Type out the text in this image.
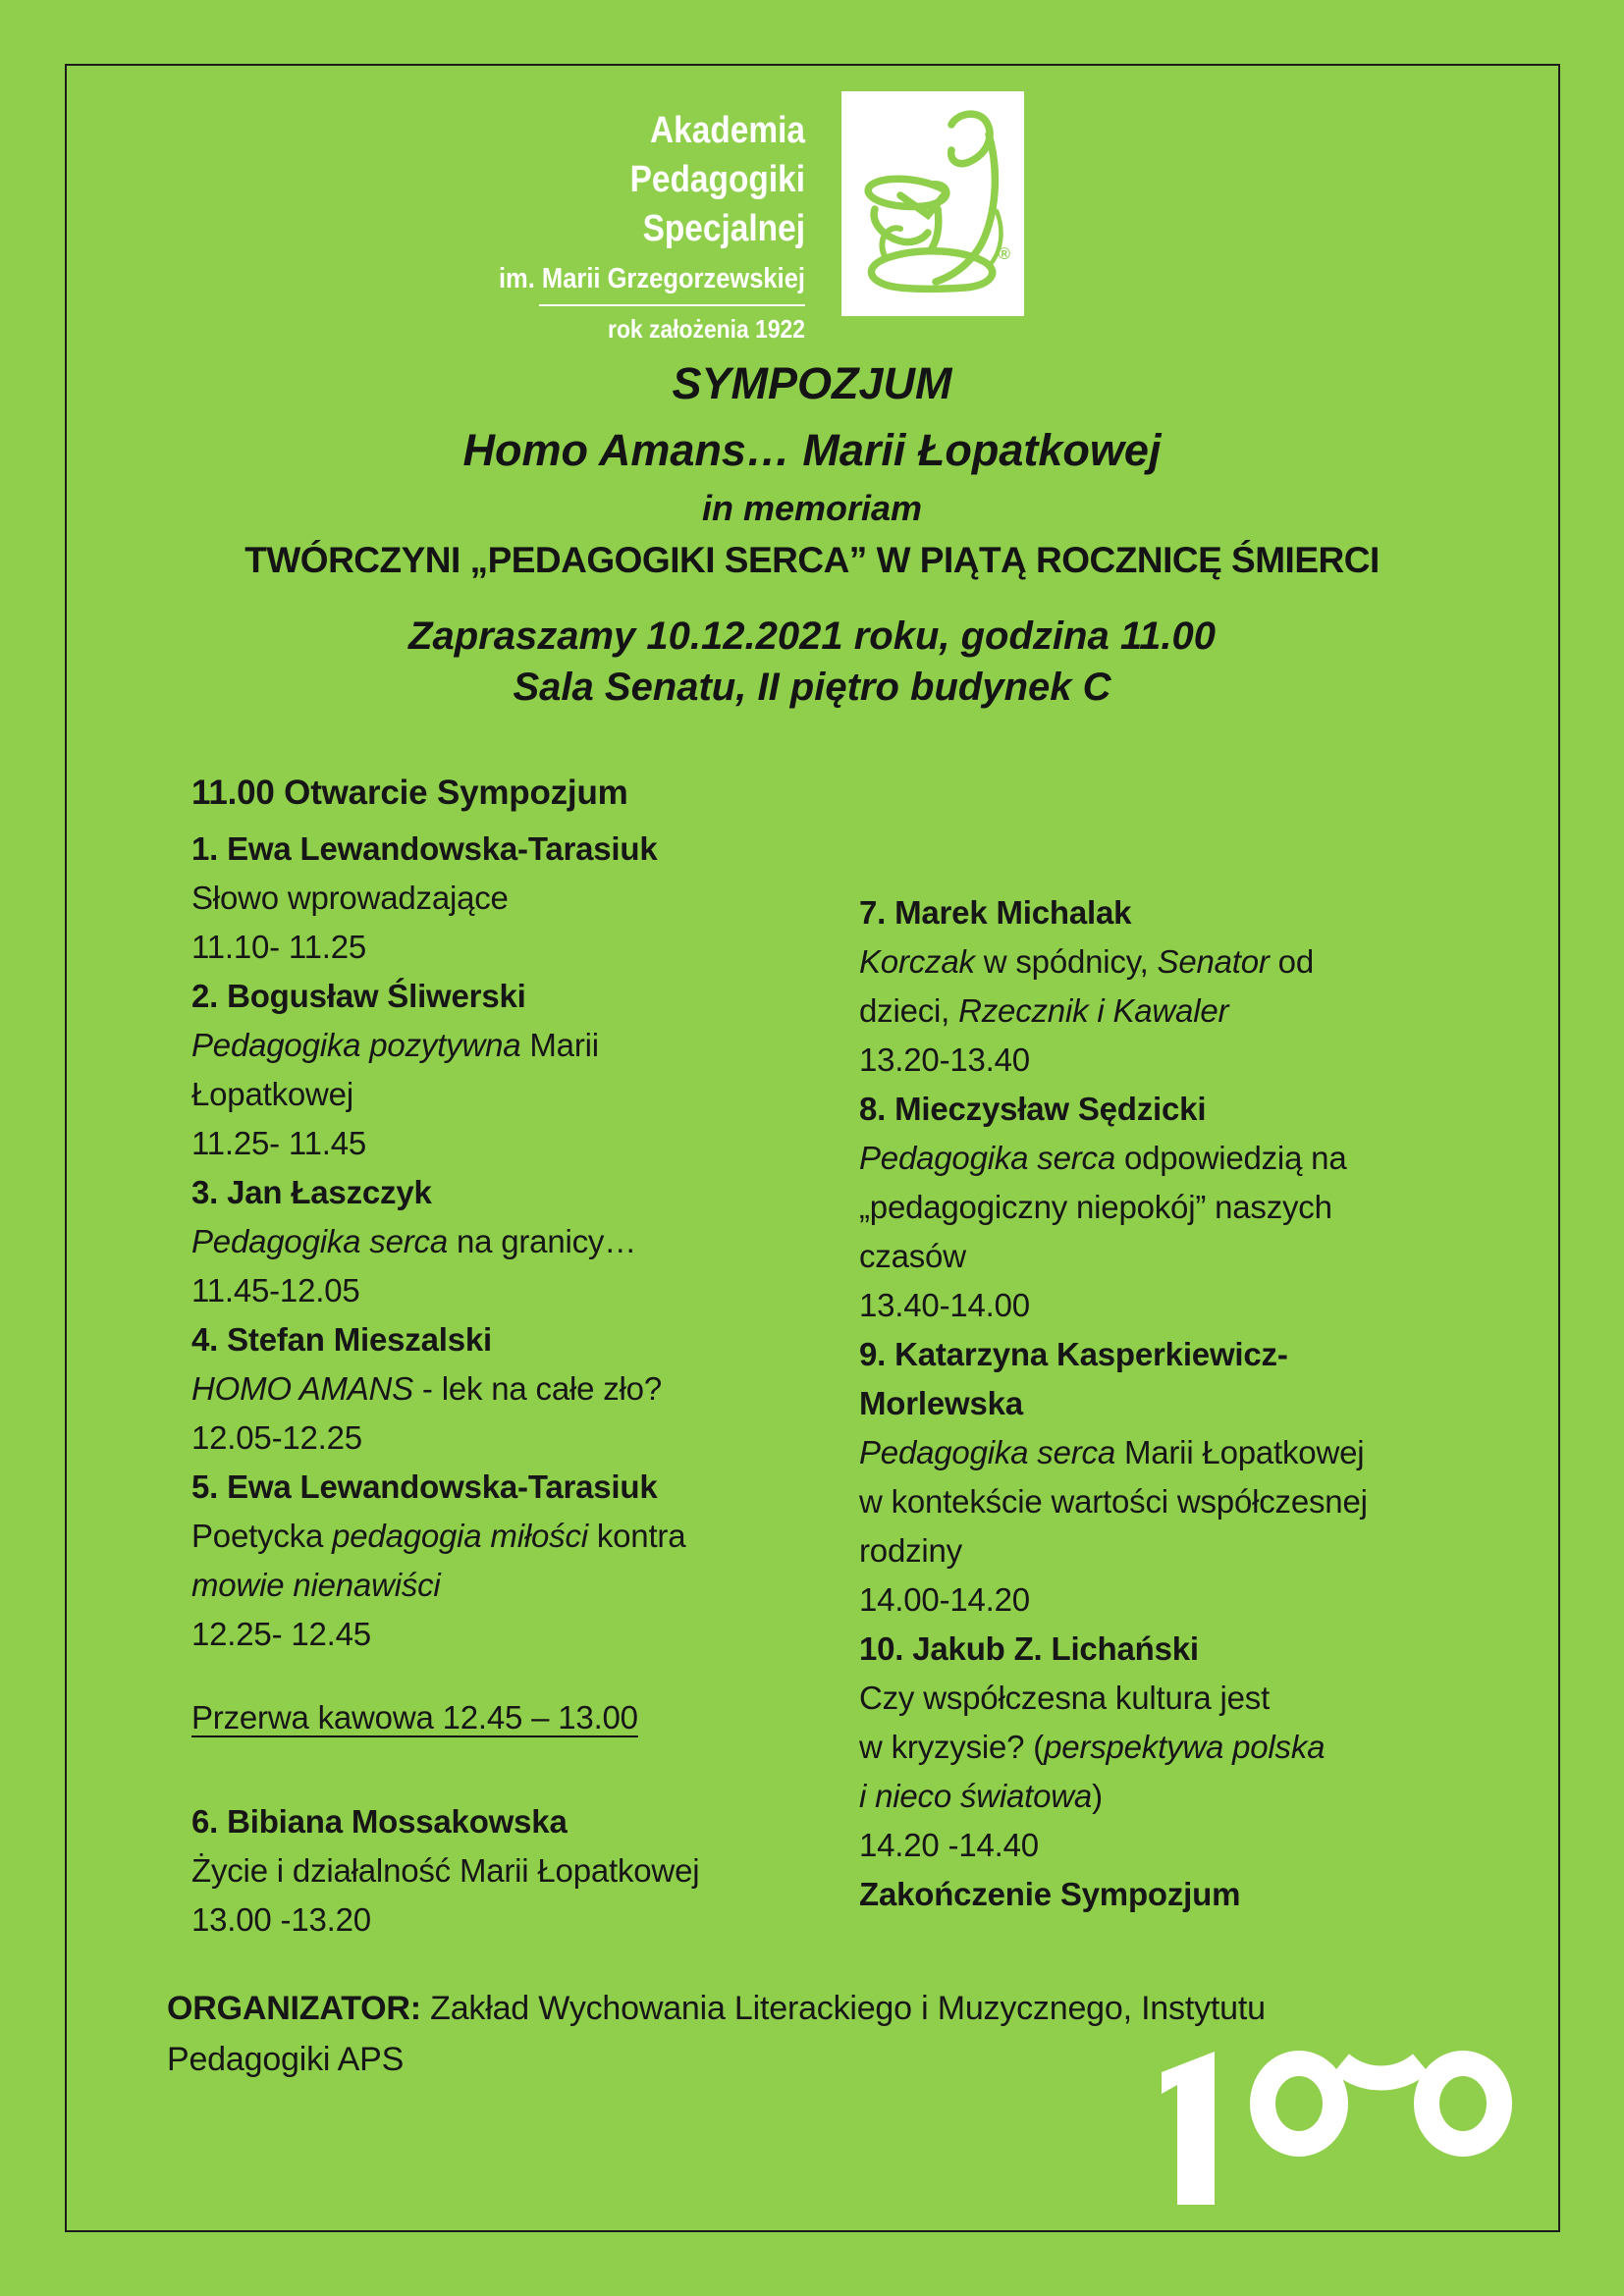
Akademia
Pedagogiki
Specjalnej
im. Marii Grzegorzewskiej
rok założenia 1922
®
SYMPOZJUM
Homo Amans… Marii Łopatkowej
in memoriam
TWÓRCZYNI „PEDAGOGIKI SERCA” W PIĄTĄ ROCZNICĘ ŚMIERCI
Zapraszamy 10.12.2021 roku, godzina 11.00
Sala Senatu, II piętro budynek C
11.00 Otwarcie Sympozjum
1. Ewa Lewandowska-Tarasiuk
Słowo wprowadzające
11.10- 11.25
2. Bogusław Śliwerski
Pedagogika pozytywna Marii
Łopatkowej
11.25- 11.45
3. Jan Łaszczyk
Pedagogika serca na granicy…
11.45-12.05
4. Stefan Mieszalski
HOMO AMANS - lek na całe zło?
12.05-12.25
5. Ewa Lewandowska-Tarasiuk
Poetycka pedagogia miłości kontra
mowie nienawiści
12.25- 12.45
Przerwa kawowa 12.45 – 13.00
6. Bibiana Mossakowska
Życie i działalność Marii Łopatkowej
13.00 -13.20
7. Marek Michalak
Korczak w spódnicy, Senator od
dzieci, Rzecznik i Kawaler
13.20-13.40
8. Mieczysław Sędzicki
Pedagogika serca odpowiedzią na
„pedagogiczny niepokój” naszych
czasów
13.40-14.00
9. Katarzyna Kasperkiewicz-
Morlewska
Pedagogika serca Marii Łopatkowej
w kontekście wartości współczesnej
rodziny
14.00-14.20
10. Jakub Z. Lichański
Czy współczesna kultura jest
w kryzysie? (perspektywa polska
i nieco światowa)
14.20 -14.40
Zakończenie Sympozjum
ORGANIZATOR: Zakład Wychowania Literackiego i Muzycznego, Instytutu Pedagogiki APS
